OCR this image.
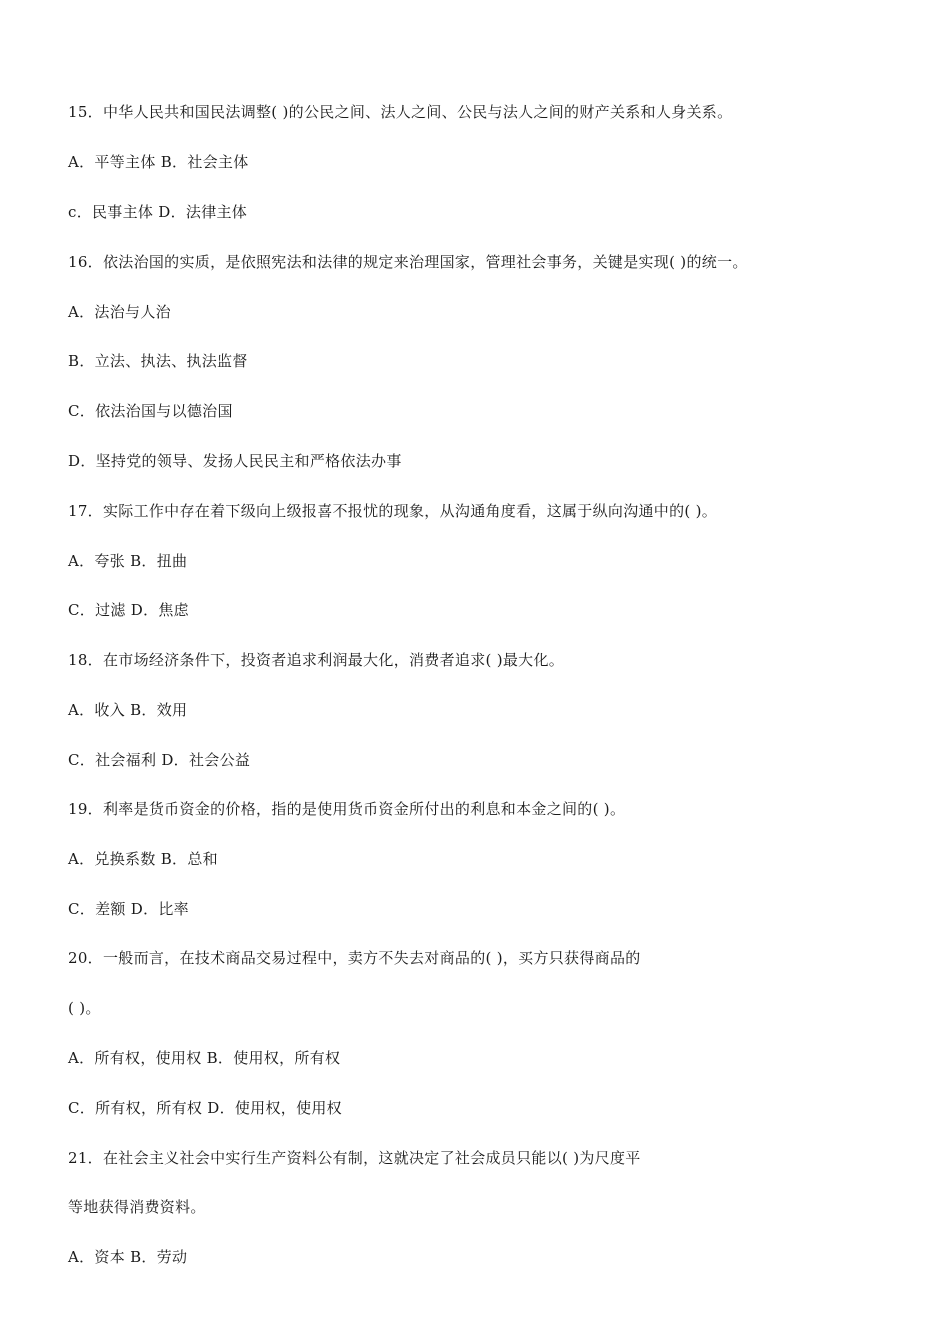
15．中华人民共和国民法调整( )的公民之间、法人之间、公民与法人之间的财产关系和人身关系。
A．平等主体 B．社会主体
c．民事主体 D．法律主体
16．依法治国的实质，是依照宪法和法律的规定来治理国家，管理社会事务，关键是实现( )的统一。
A．法治与人治
B．立法、执法、执法监督
C．依法治国与以德治国
D．坚持党的领导、发扬人民民主和严格依法办事
17．实际工作中存在着下级向上级报喜不报忧的现象，从沟通角度看，这属于纵向沟通中的( )。
A．夸张 B．扭曲
C．过滤 D．焦虑
18．在市场经济条件下，投资者追求利润最大化，消费者追求( )最大化。
A．收入 B．效用
C．社会福利 D．社会公益
19．利率是货币资金的价格，指的是使用货币资金所付出的利息和本金之间的( )。
A．兑换系数 B．总和
C．差额 D．比率
20．一般而言，在技术商品交易过程中，卖方不失去对商品的( )，买方只获得商品的
( )。
A．所有权，使用权 B．使用权，所有权
C．所有权，所有权 D．使用权，使用权
21．在社会主义社会中实行生产资料公有制，这就决定了社会成员只能以( )为尺度平
等地获得消费资料。
A．资本 B．劳动
